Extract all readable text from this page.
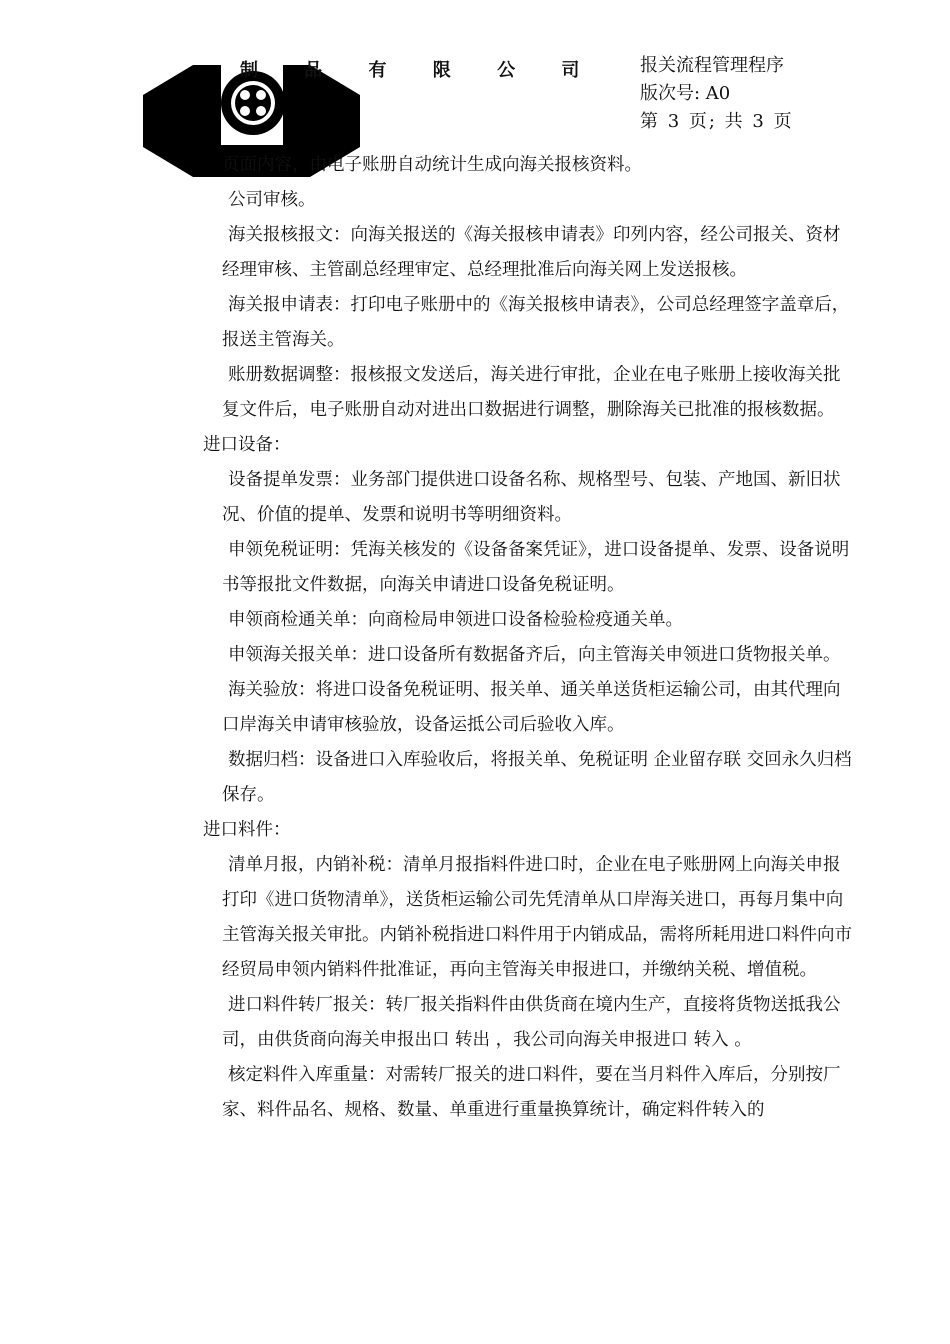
制 品 有 限 公 司 报关流程管理程序
版次号: A0
第 3 页; 共 3 页
页面内容，由电子账册自动统计生成向海关报核资料。
公司审核。
海关报核报文：向海关报送的《海关报核申请表》印列内容，经公司报关、资材经理审核、主管副总经理审定、总经理批准后向海关网上发送报核。
海关报申请表：打印电子账册中的《海关报核申请表》，公司总经理签字盖章后，报送主管海关。
账册数据调整：报核报文发送后，海关进行审批，企业在电子账册上接收海关批复文件后，电子账册自动对进出口数据进行调整，删除海关已批准的报核数据。
进口设备：
设备提单发票：业务部门提供进口设备名称、规格型号、包装、产地国、新旧状况、价值的提单、发票和说明书等明细资料。
申领免税证明：凭海关核发的《设备备案凭证》，进口设备提单、发票、设备说明书等报批文件数据，向海关申请进口设备免税证明。
申领商检通关单：向商检局申领进口设备检验检疫通关单。
申领海关报关单：进口设备所有数据备齐后，向主管海关申领进口货物报关单。
海关验放：将进口设备免税证明、报关单、通关单送货柜运输公司，由其代理向口岸海关申请审核验放，设备运抵公司后验收入库。
数据归档：设备进口入库验收后，将报关单、免税证明 企业留存联 交回永久归档保存。
进口料件：
清单月报，内销补税：清单月报指料件进口时，企业在电子账册网上向海关申报打印《进口货物清单》，送货柜运输公司先凭清单从口岸海关进口，再每月集中向主管海关报关审批。内销补税指进口料件用于内销成品，需将所耗用进口料件向市经贸局申领内销料件批准证，再向主管海关申报进口，并缴纳关税、增值税。
进口料件转厂报关：转厂报关指料件由供货商在境内生产，直接将货物送抵我公司，由供货商向海关申报出口 转出 ，我公司向海关申报进口 转入 。
核定料件入库重量：对需转厂报关的进口料件，要在当月料件入库后，分别按厂家、料件品名、规格、数量、单重进行重量换算统计，确定料件转入的
